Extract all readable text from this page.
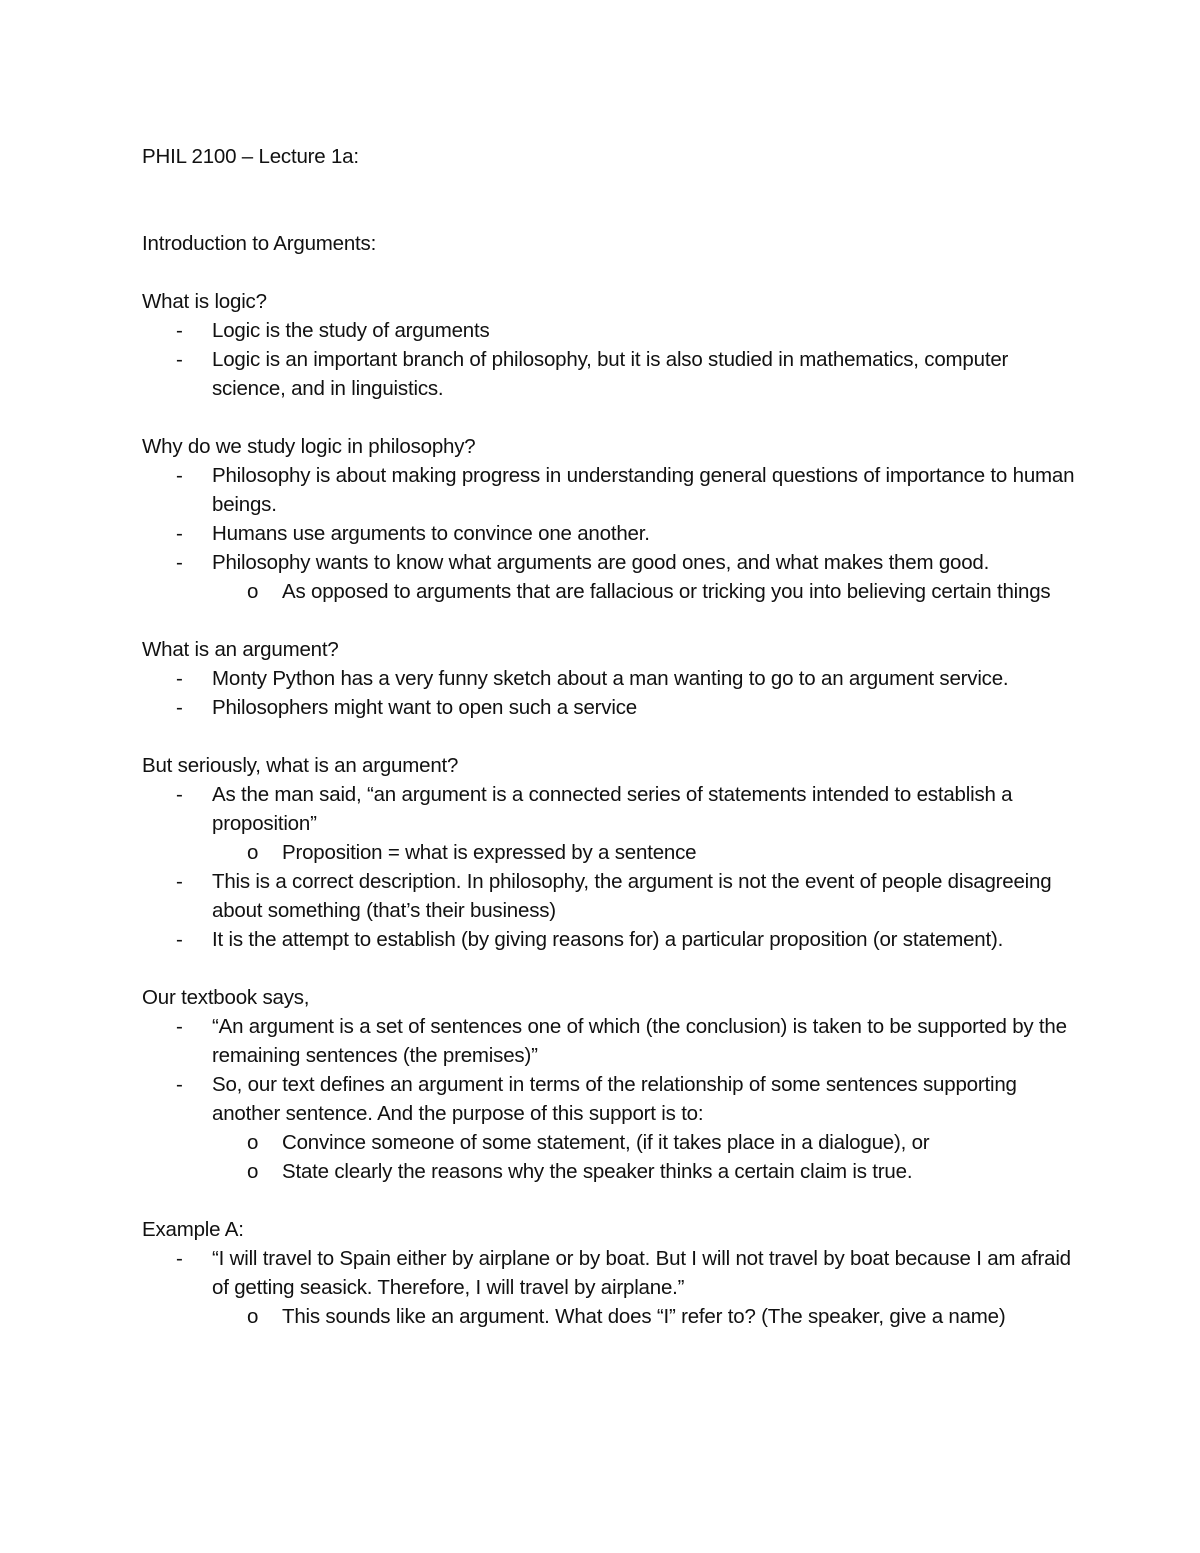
PHIL 2100 – Lecture 1a:
Introduction to Arguments:
What is logic?
- Logic is the study of arguments
- Logic is an important branch of philosophy, but it is also studied in mathematics, computer science, and in linguistics.
Why do we study logic in philosophy?
- Philosophy is about making progress in understanding general questions of importance to human beings.
- Humans use arguments to convince one another.
- Philosophy wants to know what arguments are good ones, and what makes them good.
o As opposed to arguments that are fallacious or tricking you into believing certain things
What is an argument?
- Monty Python has a very funny sketch about a man wanting to go to an argument service.
- Philosophers might want to open such a service
But seriously, what is an argument?
- As the man said, “an argument is a connected series of statements intended to establish a proposition”
o Proposition = what is expressed by a sentence
- This is a correct description. In philosophy, the argument is not the event of people disagreeing about something (that’s their business)
- It is the attempt to establish (by giving reasons for) a particular proposition (or statement).
Our textbook says,
- “An argument is a set of sentences one of which (the conclusion) is taken to be supported by the remaining sentences (the premises)”
- So, our text defines an argument in terms of the relationship of some sentences supporting another sentence. And the purpose of this support is to:
o Convince someone of some statement, (if it takes place in a dialogue), or
o State clearly the reasons why the speaker thinks a certain claim is true.
Example A:
- “I will travel to Spain either by airplane or by boat. But I will not travel by boat because I am afraid of getting seasick. Therefore, I will travel by airplane.”
o This sounds like an argument. What does “I” refer to? (The speaker, give a name)
